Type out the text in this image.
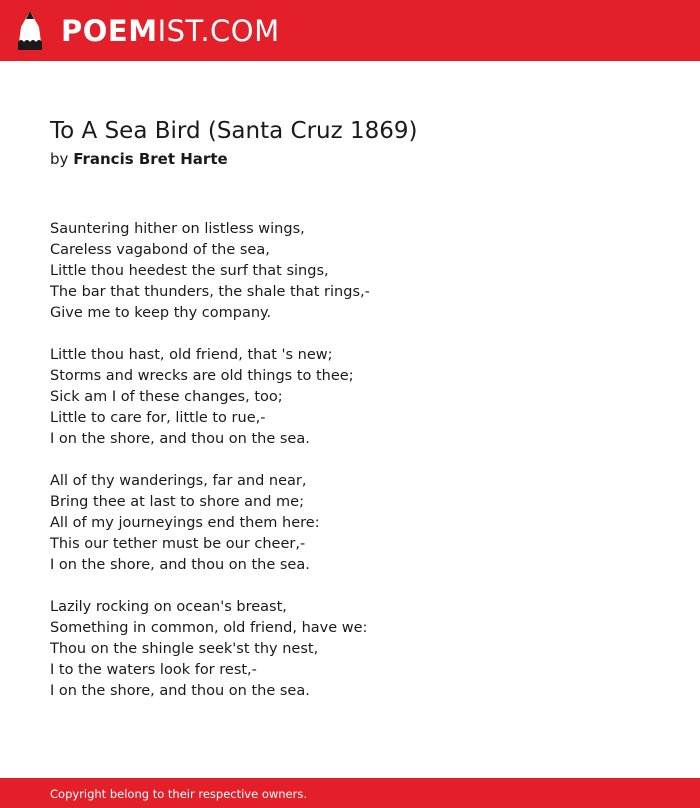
POEMIST.COM
To A Sea Bird (Santa Cruz 1869)
by Francis Bret Harte
Sauntering hither on listless wings,
Careless vagabond of the sea,
Little thou heedest the surf that sings,
The bar that thunders, the shale that rings,-
Give me to keep thy company.
Little thou hast, old friend, that 's new;
Storms and wrecks are old things to thee;
Sick am I of these changes, too;
Little to care for, little to rue,-
I on the shore, and thou on the sea.
All of thy wanderings, far and near,
Bring thee at last to shore and me;
All of my journeyings end them here:
This our tether must be our cheer,-
I on the shore, and thou on the sea.
Lazily rocking on ocean's breast,
Something in common, old friend, have we:
Thou on the shingle seek'st thy nest,
I to the waters look for rest,-
I on the shore, and thou on the sea.
Copyright belong to their respective owners.
